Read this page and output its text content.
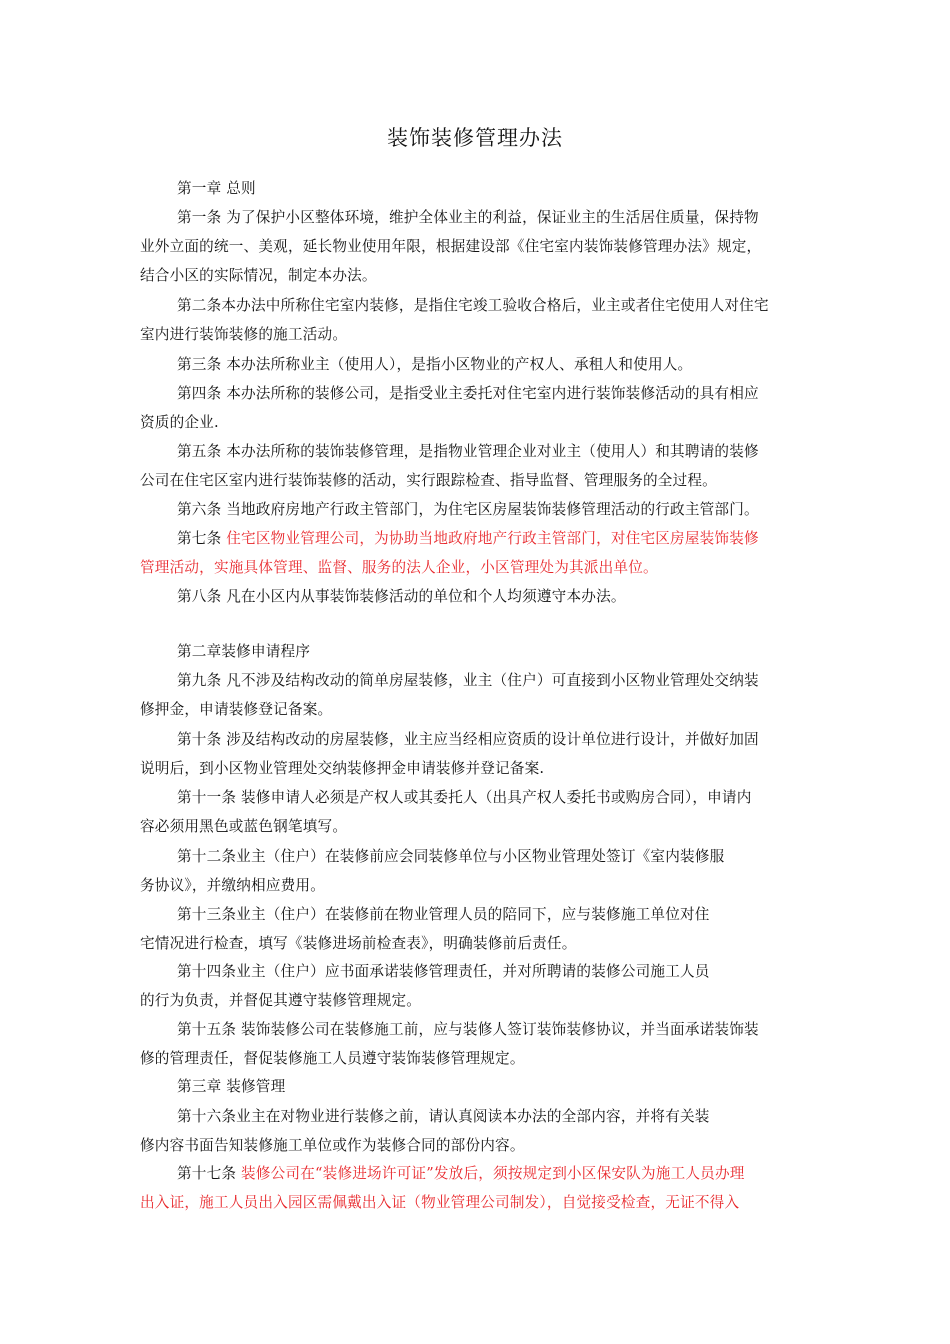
装饰装修管理办法
第一章 总则
第一条 为了保护小区整体环境，维护全体业主的利益，保证业主的生活居住质量，保持物
业外立面的统一、美观，延长物业使用年限，根据建设部《住宅室内装饰装修管理办法》规定，
结合小区的实际情况，制定本办法。
第二条本办法中所称住宅室内装修，是指住宅竣工验收合格后，业主或者住宅使用人对住宅
室内进行装饰装修的施工活动。
第三条 本办法所称业主（使用人），是指小区物业的产权人、承租人和使用人。
第四条 本办法所称的装修公司，是指受业主委托对住宅室内进行装饰装修活动的具有相应
资质的企业.
第五条 本办法所称的装饰装修管理，是指物业管理企业对业主（使用人）和其聘请的装修
公司在住宅区室内进行装饰装修的活动，实行跟踪检查、指导监督、管理服务的全过程。
第六条 当地政府房地产行政主管部门，为住宅区房屋装饰装修管理活动的行政主管部门。
第七条 住宅区物业管理公司，为协助当地政府地产行政主管部门，对住宅区房屋装饰装修
管理活动，实施具体管理、监督、服务的法人企业，小区管理处为其派出单位。
第八条 凡在小区内从事装饰装修活动的单位和个人均须遵守本办法。
第二章装修申请程序
第九条 凡不涉及结构改动的简单房屋装修，业主（住户）可直接到小区物业管理处交纳装
修押金，申请装修登记备案。
第十条 涉及结构改动的房屋装修，业主应当经相应资质的设计单位进行设计，并做好加固
说明后，到小区物业管理处交纳装修押金申请装修并登记备案.
第十一条 装修申请人必须是产权人或其委托人（出具产权人委托书或购房合同），申请内
容必须用黑色或蓝色钢笔填写。
第十二条业主（住户）在装修前应会同装修单位与小区物业管理处签订《室内装修服
务协议》，并缴纳相应费用。
第十三条业主（住户）在装修前在物业管理人员的陪同下，应与装修施工单位对住
宅情况进行检查，填写《装修进场前检查表》，明确装修前后责任。
第十四条业主（住户）应书面承诺装修管理责任，并对所聘请的装修公司施工人员
的行为负责，并督促其遵守装修管理规定。
第十五条 装饰装修公司在装修施工前，应与装修人签订装饰装修协议，并当面承诺装饰装
修的管理责任，督促装修施工人员遵守装饰装修管理规定。
第三章 装修管理
第十六条业主在对物业进行装修之前，请认真阅读本办法的全部内容，并将有关装
修内容书面告知装修施工单位或作为装修合同的部份内容。
第十七条 装修公司在“装修进场许可证”发放后，须按规定到小区保安队为施工人员办理
出入证，施工人员出入园区需佩戴出入证（物业管理公司制发），自觉接受检查，无证不得入
